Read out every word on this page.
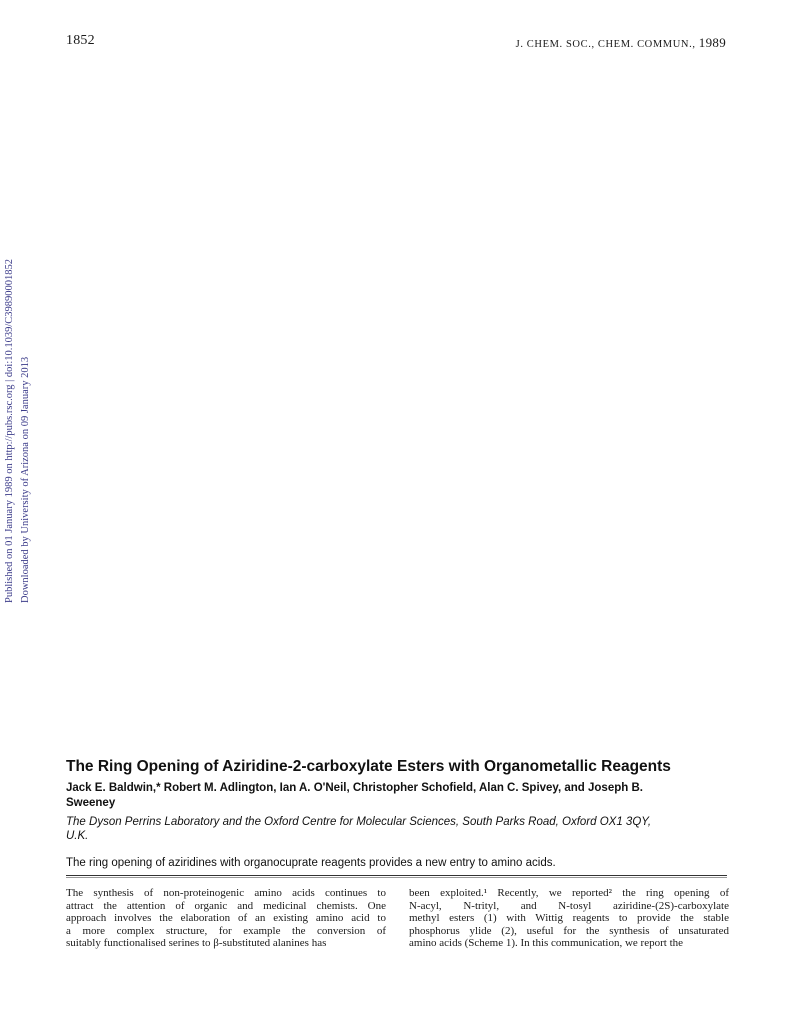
1852	J. CHEM. SOC., CHEM. COMMUN., 1989
Published on 01 January 1989 on http://pubs.rsc.org | doi:10.1039/C39890001852 Downloaded by University of Arizona on 09 January 2013
The Ring Opening of Aziridine-2-carboxylate Esters with Organometallic Reagents
Jack E. Baldwin,* Robert M. Adlington, Ian A. O'Neil, Christopher Schofield, Alan C. Spivey, and Joseph B.
Sweeney
The Dyson Perrins Laboratory and the Oxford Centre for Molecular Sciences, South Parks Road, Oxford OX1 3QY,
U.K.
The ring opening of aziridines with organocuprate reagents provides a new entry to amino acids.
The synthesis of non-proteinogenic amino acids continues to
attract the attention of organic and medicinal chemists. One
approach involves the elaboration of an existing amino acid to
a more complex structure, for example the conversion of
suitably functionalised serines to β-substituted alanines has
been exploited.¹ Recently, we reported² the ring opening of
N-acyl, N-trityl, and N-tosyl aziridine-(2S)-carboxylate
methyl esters (1) with Wittig reagents to provide the stable
phosphorus ylide (2), useful for the synthesis of unsaturated
amino acids (Scheme 1). In this communication, we report the
